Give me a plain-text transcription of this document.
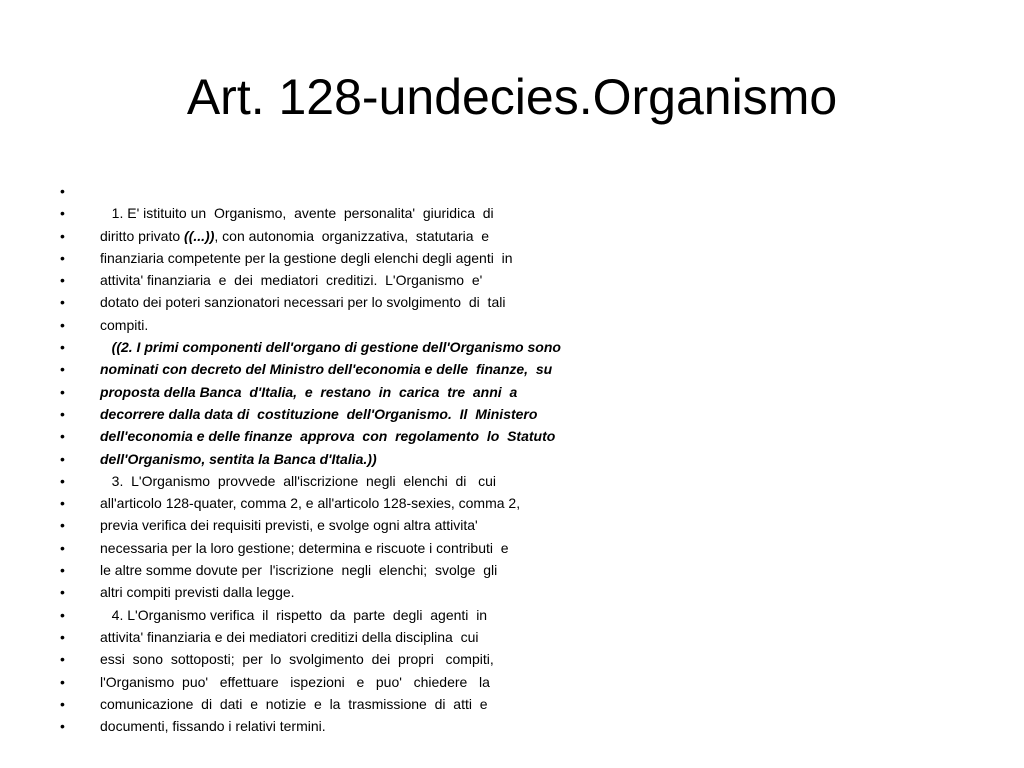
Art. 128-undecies.Organismo
•
•	1. E' istituito un  Organismo,  avente  personalita'  giuridica  di
•	diritto privato ((...)), con autonomia  organizzativa,  statutaria  e
•	finanziaria competente per la gestione degli elenchi degli agenti  in
•	attivita' finanziaria  e  dei  mediatori  creditizi.  L'Organismo  e'
•	dotato dei poteri sanzionatori necessari per lo svolgimento  di  tali
•	compiti.
•	((2. I primi componenti dell'organo di gestione dell'Organismo sono
•	nominati con decreto del Ministro dell'economia e delle  finanze,  su
•	proposta della Banca  d'Italia,  e  restano  in  carica  tre  anni  a
•	decorrere dalla data di  costituzione  dell'Organismo.  Il  Ministero
•	dell'economia e delle finanze  approva  con  regolamento  lo  Statuto
•	dell'Organismo, sentita la Banca d'Italia.))
•	3.  L'Organismo  provvede  all'iscrizione  negli  elenchi  di   cui
•	all'articolo 128-quater, comma 2, e all'articolo 128-sexies, comma 2,
•	previa verifica dei requisiti previsti, e svolge ogni altra attivita'
•	necessaria per la loro gestione; determina e riscuote i contributi  e
•	le altre somme dovute per  l'iscrizione  negli  elenchi;  svolge  gli
•	altri compiti previsti dalla legge.
•	4. L'Organismo verifica  il  rispetto  da  parte  degli  agenti  in
•	attivita' finanziaria e dei mediatori creditizi della disciplina  cui
•	essi  sono  sottoposti;  per  lo  svolgimento  dei  propri   compiti,
•	l'Organismo  puo'   effettuare   ispezioni   e   puo'   chiedere   la
•	comunicazione  di  dati  e  notizie  e  la  trasmissione  di  atti  e
•	documenti, fissando i relativi termini.
